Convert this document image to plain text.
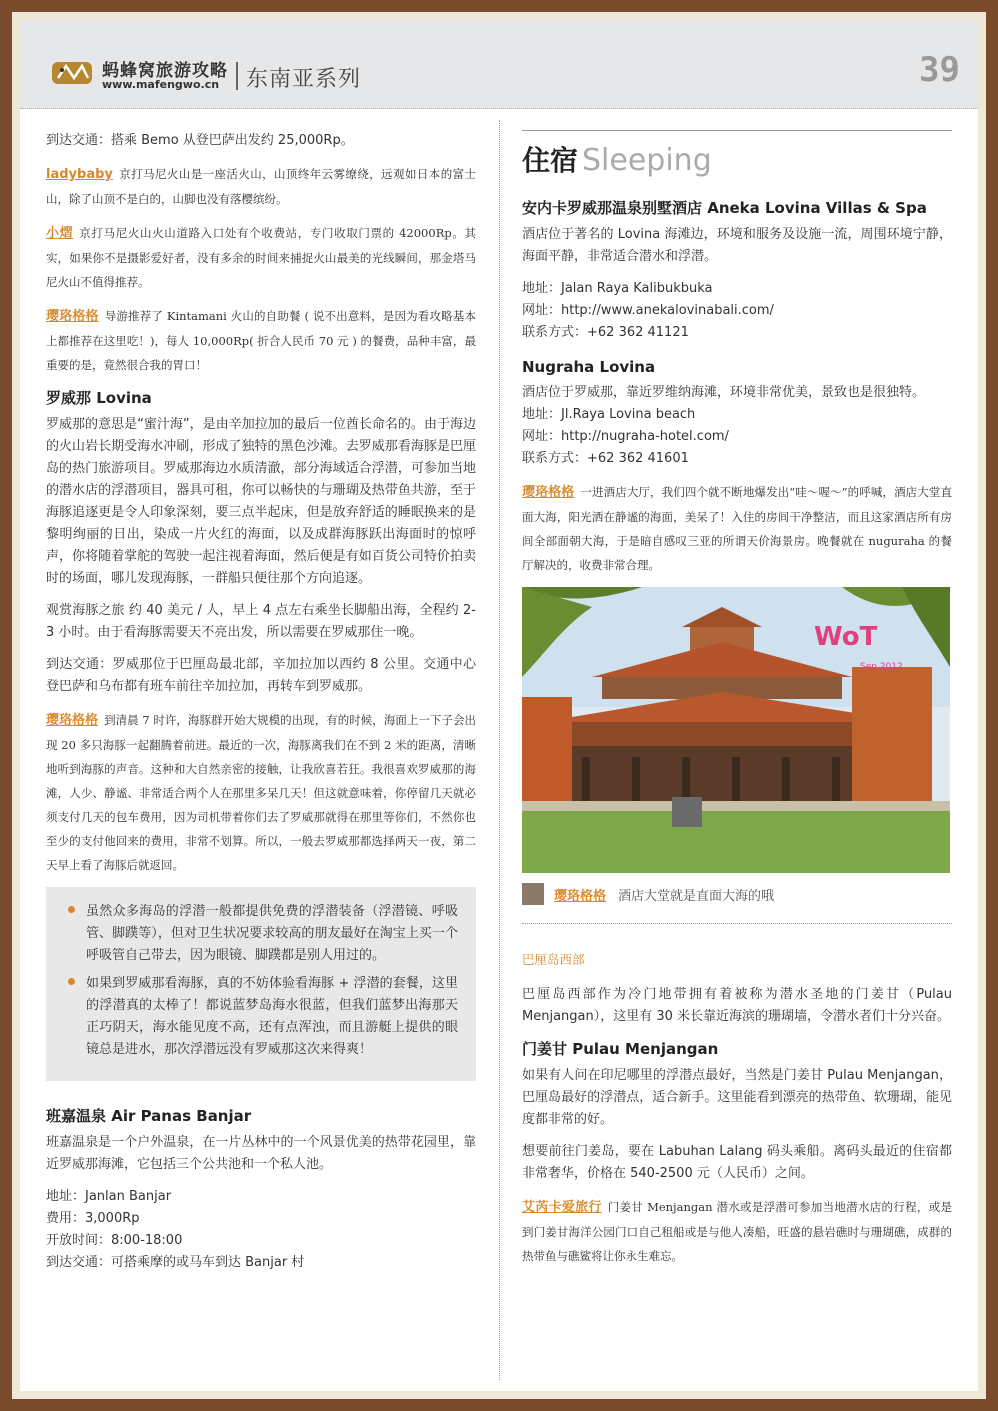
蚂蜂窝旅游攻略
www.mafengwo.cn 东南亚系列	39

到达交通：搭乘 Bemo 从登巴萨出发约 25,000Rp。

ladybaby 京打马尼火山是一座活火山，山顶终年云雾缭绕，远观如日本的富士山，除了山顶不是白的，山脚也没有落樱缤纷。

小熠 京打马尼火山火山道路入口处有个收费站，专门收取门票的 42000Rp。其实，如果你不是摄影爱好者，没有多余的时间来捕捉火山最美的光线瞬间，那金塔马尼火山不值得推荐。

璎珞格格 导游推荐了 Kintamani 火山的自助餐 ( 说不出意料，是因为看攻略基本上都推荐在这里吃！)，每人 10,000Rp( 折合人民币 70 元 ) 的餐费，品种丰富，最重要的是，竟然很合我的胃口！

罗威那 Lovina

罗威那的意思是“蜜汁海”，是由辛加拉加的最后一位酋长命名的。由于海边的火山岩长期受海水冲刷，形成了独特的黑色沙滩。去罗威那看海豚是巴厘岛的热门旅游项目。罗威那海边水质清澈，部分海域适合浮潜，可参加当地的潜水店的浮潜项目，器具可租，你可以畅快的与珊瑚及热带鱼共游，至于海豚追逐更是令人印象深刻，要三点半起床，但是放弃舒适的睡眠换来的是黎明绚丽的日出，染成一片火红的海面，以及成群海豚跃出海面时的惊呼声，你将随着掌舵的驾驶一起注视着海面，然后便是有如百货公司特价拍卖时的场面，哪儿发现海豚，一群船只便往那个方向追逐。

观赏海豚之旅 约 40 美元 / 人，早上 4 点左右乘坐长脚船出海，全程约 2-3 小时。由于看海豚需要天不亮出发，所以需要在罗威那住一晚。

到达交通：罗威那位于巴厘岛最北部，辛加拉加以西约 8 公里。交通中心登巴萨和乌布都有班车前往辛加拉加，再转车到罗威那。

璎珞格格 到清晨 7 时许，海豚群开始大规模的出现，有的时候，海面上一下子会出现 20 多只海豚一起翻腾着前进。最近的一次，海豚离我们在不到 2 米的距离，清晰地听到海豚的声音。这种和大自然亲密的接触，让我欣喜若狂。我很喜欢罗威那的海滩，人少、静谧、非常适合两个人在那里多呆几天！但这就意味着，你停留几天就必须支付几天的包车费用，因为司机带着你们去了罗威那就得在那里等你们，不然你也至少的支付他回来的费用，非常不划算。所以，一般去罗威那都选择两天一夜，第二天早上看了海豚后就返回。

虽然众多海岛的浮潜一般都提供免费的浮潜装备（浮潜镜、呼吸管、脚蹼等），但对卫生状况要求较高的朋友最好在淘宝上买一个呼吸管自己带去，因为眼镜、脚蹼都是别人用过的。
如果到罗威那看海豚，真的不妨体验看海豚 + 浮潜的套餐，这里的浮潜真的太棒了！都说蓝梦岛海水很蓝，但我们蓝梦出海那天正巧阴天，海水能见度不高，还有点浑浊，而且游艇上提供的眼镜总是进水，那次浮潜远没有罗威那这次来得爽！
班嘉温泉 Air Panas Banjar

班嘉温泉是一个户外温泉，在一片丛林中的一个风景优美的热带花园里，靠近罗威那海滩，它包括三个公共池和一个私人池。

地址：Janlan Banjar
费用：3,000Rp
开放时间：8:00-18:00
到达交通：可搭乘摩的或马车到达 Banjar 村
住宿 Sleeping
安内卡罗威那温泉别墅酒店 Aneka Lovina Villas & Spa

酒店位于著名的 Lovina 海滩边，环境和服务及设施一流，周围环境宁静，海面平静，非常适合潜水和浮潜。

地址：Jalan Raya Kalibukbuka
网址：http://www.anekalovinabali.com/
联系方式：+62 362 41121
Nugraha Lovina
酒店位于罗威那，靠近罗维纳海滩，环境非常优美，景致也是很独特。
地址：Jl.Raya Lovina beach
网址：http://nugraha-hotel.com/
联系方式：+62 362 41601

璎珞格格 一进酒店大厅，我们四个就不断地爆发出“哇～喔～”的呼喊，酒店大堂直面大海，阳光洒在静谧的海面，美呆了！入住的房间干净整洁，而且这家酒店所有房间全部面朝大海，于是暗自感叹三亚的所谓天价海景房。晚餐就在 nuguraha 的餐厅解决的，收费非常合理。

WoT
Sep.2012
璎珞格格 酒店大堂就是直面大海的哦
巴厘岛西部

巴厘岛西部作为冷门地带拥有着被称为潜水圣地的门姜甘（Pulau Menjangan），这里有 30 米长靠近海滨的珊瑚墙，令潜水者们十分兴奋。

门姜甘 Pulau Menjangan

如果有人问在印尼哪里的浮潜点最好，当然是门姜甘 Pulau Menjangan，巴厘岛最好的浮潜点，适合新手。这里能看到漂亮的热带鱼、软珊瑚，能见度都非常的好。

想要前往门姜岛，要在 Labuhan Lalang 码头乘船。离码头最近的住宿都非常奢华，价格在 540-2500 元（人民币）之间。

艾芮卡爱旅行 门姜甘 Menjangan 潜水或是浮潜可参加当地潜水店的行程，或是到门姜甘海洋公园门口自己租船或是与他人凑船，旺盛的悬岩礁时与珊瑚礁，成群的热带鱼与礁鲨将让你永生难忘。
